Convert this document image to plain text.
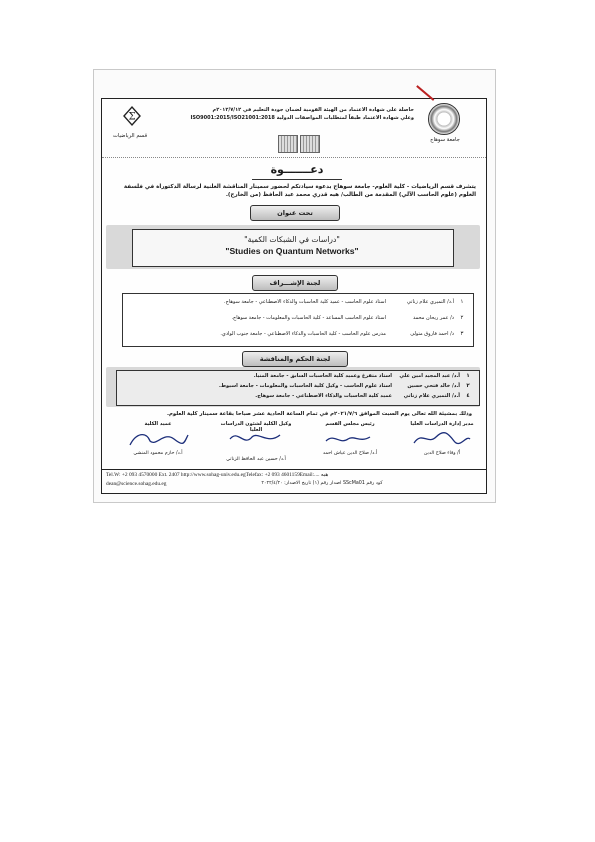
جامعة سوهاج
Σ
قسم الرياضيات
حاصلة على شهادة الاعتماد من الهيئة القومية لضمان جودة التعليم في ٢٠١٢/٧/١٢م
وعلي شهادة الاعتماد طبقاً لمتطلبات المواصفات الدولية ISO9001:2015/ISO21001:2018
دعـــــــوة
يتشرف قسم الرياضيات - كلية العلوم- جامعة سوهاج بدعوة سيادتكم لحضور سمينار المناقشة العلنية لرسالة الدكتوراة في فلسفة العلوم (علوم الحاسب الآلي) المقدمة من الطالب/ هبه قدري محمد عبد الحافظ (من الخارج).
تحت عنوان
"دراسات في الشبكات الكمية"
"Studies on Quantum Networks"
لجنة الإشـــراف
١
أ.د/ التميري علام زناتي
استاذ علوم الحاسب - عميد كلية الحاسبات والذكاء الاصطناعي - جامعة سوهاج.
٢
د/ عمر ريحان محمد
استاذ علوم الحاسب المساعد - كلية الحاسبات والمعلومات - جامعة سوهاج.
٣
د/ احمد فاروق متولى
مدرس علوم الحاسب - كلية الحاسبات والذكاء الاصطناعي - جامعة جنوب الوادي.
لجنة الحكم والمناقشة
١
أ.د/ عبد المجيد امين علي
استاذ متفرغ وعميد كلية الحاسبات السابق - جامعة المنيا.
٢
أ.د/ خالد فتحي حسين
استاذ علوم الحاسب - وكيل كلية الحاسبات والمعلومات - جامعة اسيوط.
٤
أ.د/ التميري علام زناتي
عميد كلية الحاسبات والذكاء الاصطناعي - جامعة سوهاج.
وذلك بمشيئة الله تعالى يوم السبت الموافق ٢٠٢١/٧/٦م في تمام الساعة الحادية عشر صباحا بقاعة سمينار كلية العلوم.
مدير إدارة الدراسات العليا
أ/ وفاء صلاح الدين
رئيس مجلس القسم
أ.د/ صلاح الدين عياش احمد
وكيل الكلية لشئون الدراسات العليا
أ.د/ حسين عبد الحافظ الزناتي
عميد الكلية
أ.د/ حازم محمود المنشي
Tel.W: +2 093 4570000 Ext. 2407 http://www.sohag-univ.edu.egTelefax: +2 093 4601159Email:.... هبه
dean@science.sohag.edu.eg	كود رقم SScMa01 اصدار رقم (١) تاريخ الاصدار: ٢٠٢٢/٤/٢٠
